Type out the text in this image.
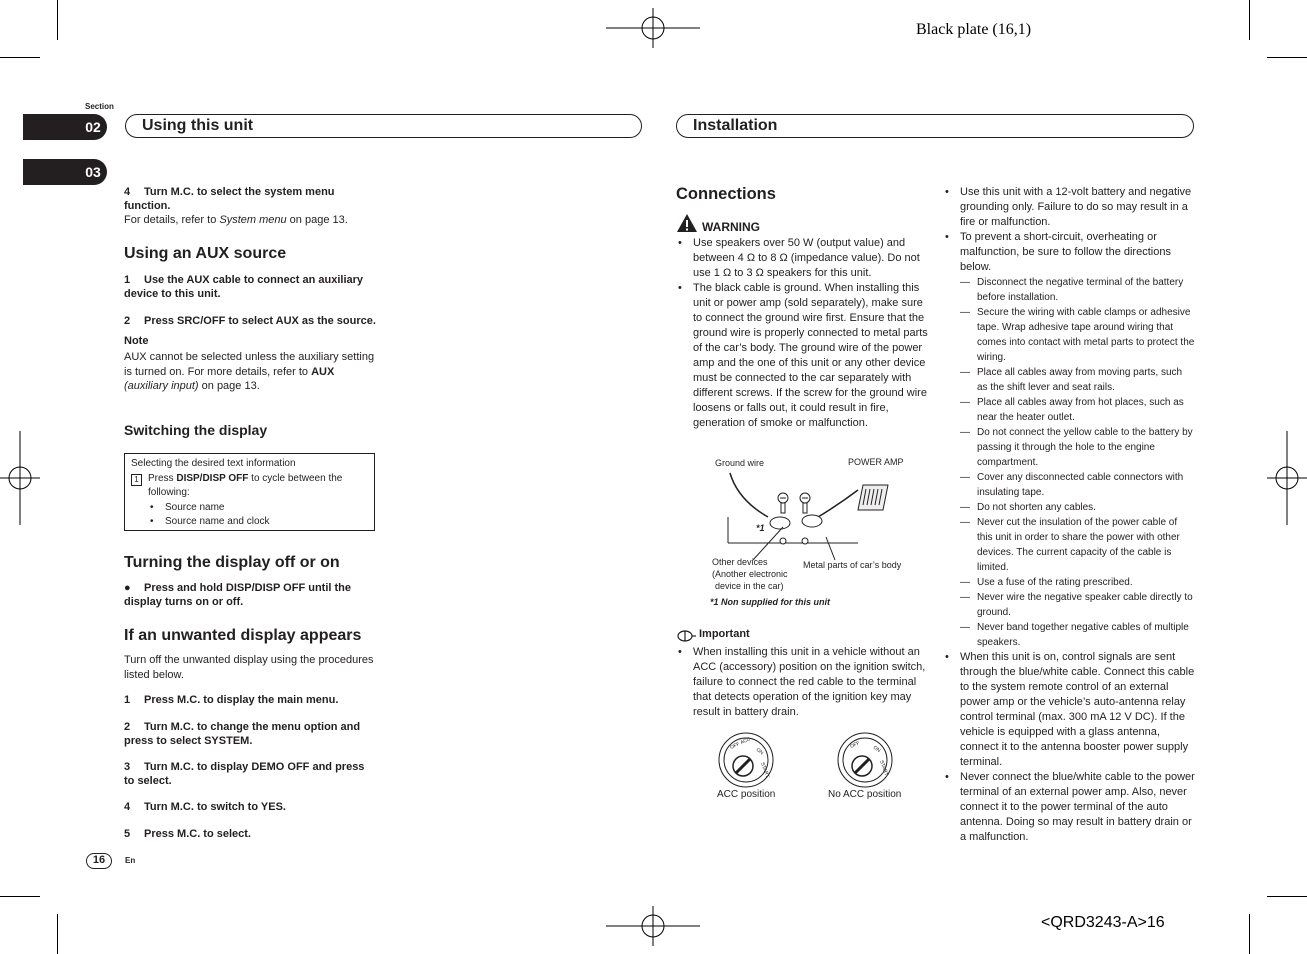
Black plate (16,1)
<QRD3243-A>16
Section
02
03
Using this unit	Installation

4 Turn M.C. to select the system menu function.

For details, refer to System menu on page 13.

Using an AUX source

1 Use the AUX cable to connect an auxiliary device to this unit.

2 Press SRC/OFF to select AUX as the source.

Note

AUX cannot be selected unless the auxiliary setting is turned on. For more details, refer to AUX (auxiliary input) on page 13.

Switching the display
Selecting the desired text information
1 Press DISP/DISP OFF to cycle between the following:
• Source name
• Source name and clock
Turning the display off or on

● Press and hold DISP/DISP OFF until the display turns on or off.

If an unwanted display appears

Turn off the unwanted display using the procedures listed below.

1 Press M.C. to display the main menu.

2 Turn M.C. to change the menu option and press to select SYSTEM.

3 Turn M.C. to display DEMO OFF and press to select.

4 Turn M.C. to switch to YES.

5 Press M.C. to select.

16	En
Connections
WARNING
• Use speakers over 50 W (output value) and between 4 Ω to 8 Ω (impedance value). Do not use 1 Ω to 3 Ω speakers for this unit.
• The black cable is ground. When installing this unit or power amp (sold separately), make sure to connect the ground wire first. Ensure that the ground wire is properly connected to metal parts of the car’s body. The ground wire of the power amp and the one of this unit or any other device must be connected to the car separately with different screws. If the screw for the ground wire loosens or falls out, it could result in fire, generation of smoke or malfunction.
Ground wire	POWER AMP
*1
Other devices
(Another electronic
device in the car)
Metal parts of car’s body
*1 Non supplied for this unit
Important
• When installing this unit in a vehicle without an ACC (accessory) position on the ignition switch, failure to connect the red cable to the terminal that detects operation of the ignition key may result in battery drain.
OFF ACC
ON
START
ACC position
OFF ON
START
No ACC position
• Use this unit with a 12-volt battery and negative grounding only. Failure to do so may result in a fire or malfunction.
• To prevent a short-circuit, overheating or malfunction, be sure to follow the directions below.
— Disconnect the negative terminal of the battery before installation.
— Secure the wiring with cable clamps or adhesive tape. Wrap adhesive tape around wiring that comes into contact with metal parts to protect the wiring.
— Place all cables away from moving parts, such as the shift lever and seat rails.
— Place all cables away from hot places, such as near the heater outlet.
— Do not connect the yellow cable to the battery by passing it through the hole to the engine compartment.
— Cover any disconnected cable connectors with insulating tape.
— Do not shorten any cables.
— Never cut the insulation of the power cable of this unit in order to share the power with other devices. The current capacity of the cable is limited.
— Use a fuse of the rating prescribed.
— Never wire the negative speaker cable directly to ground.
— Never band together negative cables of multiple speakers.
• When this unit is on, control signals are sent through the blue/white cable. Connect this cable to the system remote control of an external power amp or the vehicle’s auto-antenna relay control terminal (max. 300 mA 12 V DC). If the vehicle is equipped with a glass antenna, connect it to the antenna booster power supply terminal.
• Never connect the blue/white cable to the power terminal of an external power amp. Also, never connect it to the power terminal of the auto antenna. Doing so may result in battery drain or a malfunction.
